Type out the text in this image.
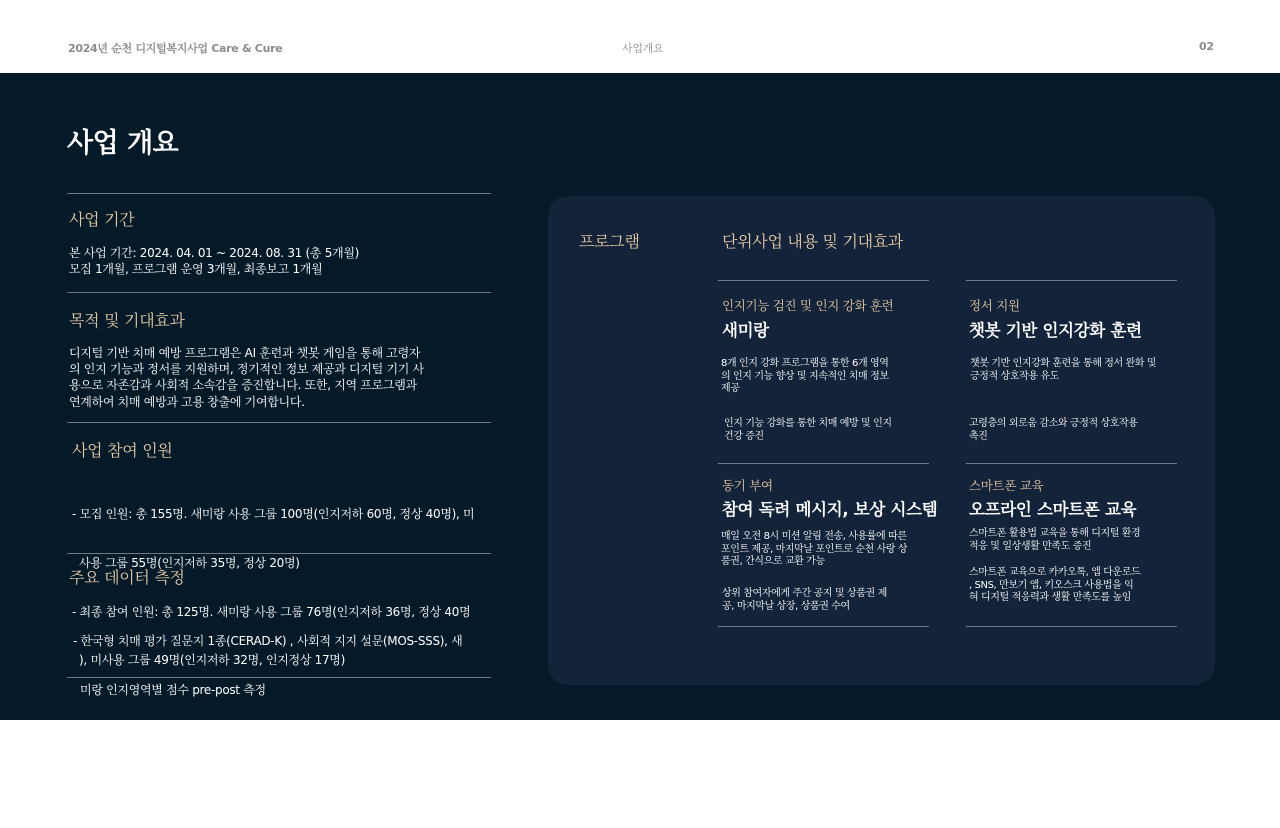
2024년 순천 디지털복지사업 Care & Cure	사업개요	02
사업 개요
사업 기간
본 사업 기간: 2024. 04. 01 ~ 2024. 08. 31 (총 5개월)
모집 1개월, 프로그램 운영 3개월, 최종보고 1개월
목적 및 기대효과
디지털 기반 치매 예방 프로그램은 AI 훈련과 챗봇 게임을 통해 고령자
의 인지 기능과 정서를 지원하며, 정기적인 정보 제공과 디지털 기기 사
용으로 자존감과 사회적 소속감을 증진합니다. 또한, 지역 프로그램과
연계하여 치매 예방과 고용 창출에 기여합니다.
사업 참여 인원

- 모집 인원: 총 155명. 새미랑 사용 그룹 100명(인지저하 60명, 정상 40명), 미

사용 그룹 55명(인지저하 35명, 정상 20명)

- 최종 참여 인원: 총 125명. 새미랑 사용 그룹 76명(인지저하 36명, 정상 40명

), 미사용 그룹 49명(인지저하 32명, 인지정상 17명)

주요 데이터 측정

- 한국형 치매 평가 질문지 1종(CERAD-K) , 사회적 지지 설문(MOS-SSS), 새

미랑 인지영역별 점수 pre-post 측정

- 새미랑 인지기능 강화 게임 8종 사용 로그 데이터

- 새미랑 참여자 참여율 로그 데이터

프로그램	단위사업 내용 및 기대효과
인지기능 검진 및 인지 강화 훈련
새미랑
8개 인지 강화 프로그램을 통한 6개 영역
의 인지 기능 향상 및 지속적인 치매 정보
제공
인지 기능 강화를 통한 치매 예방 및 인지
건강 증진
정서 지원
챗봇 기반 인지강화 훈련
챗봇 기반 인지강화 훈련을 통해 정서 완화 및
긍정적 상호작용 유도
고령층의 외로움 감소와 긍정적 상호작용
촉진
동기 부여
참여 독려 메시지, 보상 시스템
매일 오전 8시 미션 알림 전송, 사용률에 따른
포인트 제공, 마지막날 포인트로 순천 사랑 상
품권, 간식으로 교환 가능
상위 참여자에게 주간 공지 및 상품권 제
공, 마지막날 상장, 상품권 수여
스마트폰 교육
오프라인 스마트폰 교육
스마트폰 활용법 교육을 통해 디지털 환경
적응 및 일상생활 만족도 증진
스마트폰 교육으로 카카오톡, 앱 다운로드
, SNS, 만보기 앱, 키오스크 사용법을 익
혀 디지털 적응력과 생활 만족도를 높임
